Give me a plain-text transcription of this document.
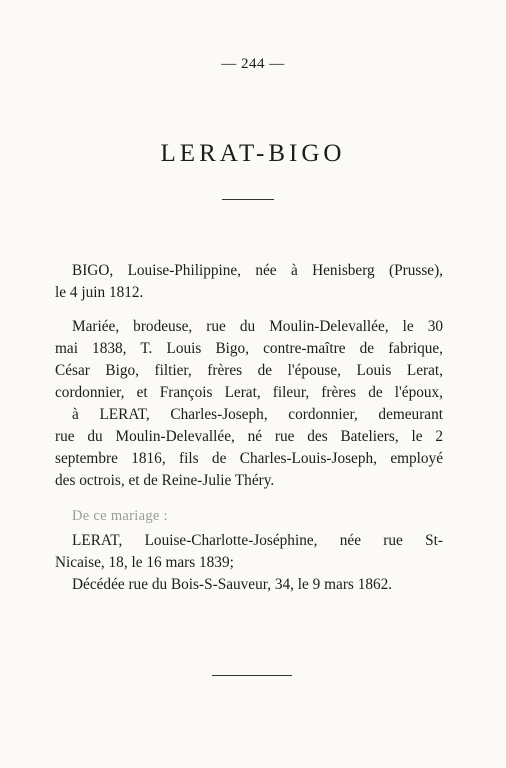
— 244 —
LERAT-BIGO

BIGO, Louise-Philippine, née à Henisberg (Prusse),
le 4 juin 1812.

Mariée, brodeuse, rue du Moulin-Delevallée, le 30
mai 1838, T. Louis Bigo, contre-maître de fabrique,
César Bigo, filtier, frères de l'épouse, Louis Lerat,
cordonnier, et François Lerat, fileur, frères de l'époux,

à LERAT, Charles-Joseph, cordonnier, demeurant
rue du Moulin-Delevallée, né rue des Bateliers, le 2
septembre 1816, fils de Charles-Louis-Joseph, employé
des octrois, et de Reine-Julie Théry.

De ce mariage :

LERAT, Louise-Charlotte-Joséphine, née rue St-
Nicaise, 18, le 16 mars 1839;

Décédée rue du Bois-S-Sauveur, 34, le 9 mars 1862.
